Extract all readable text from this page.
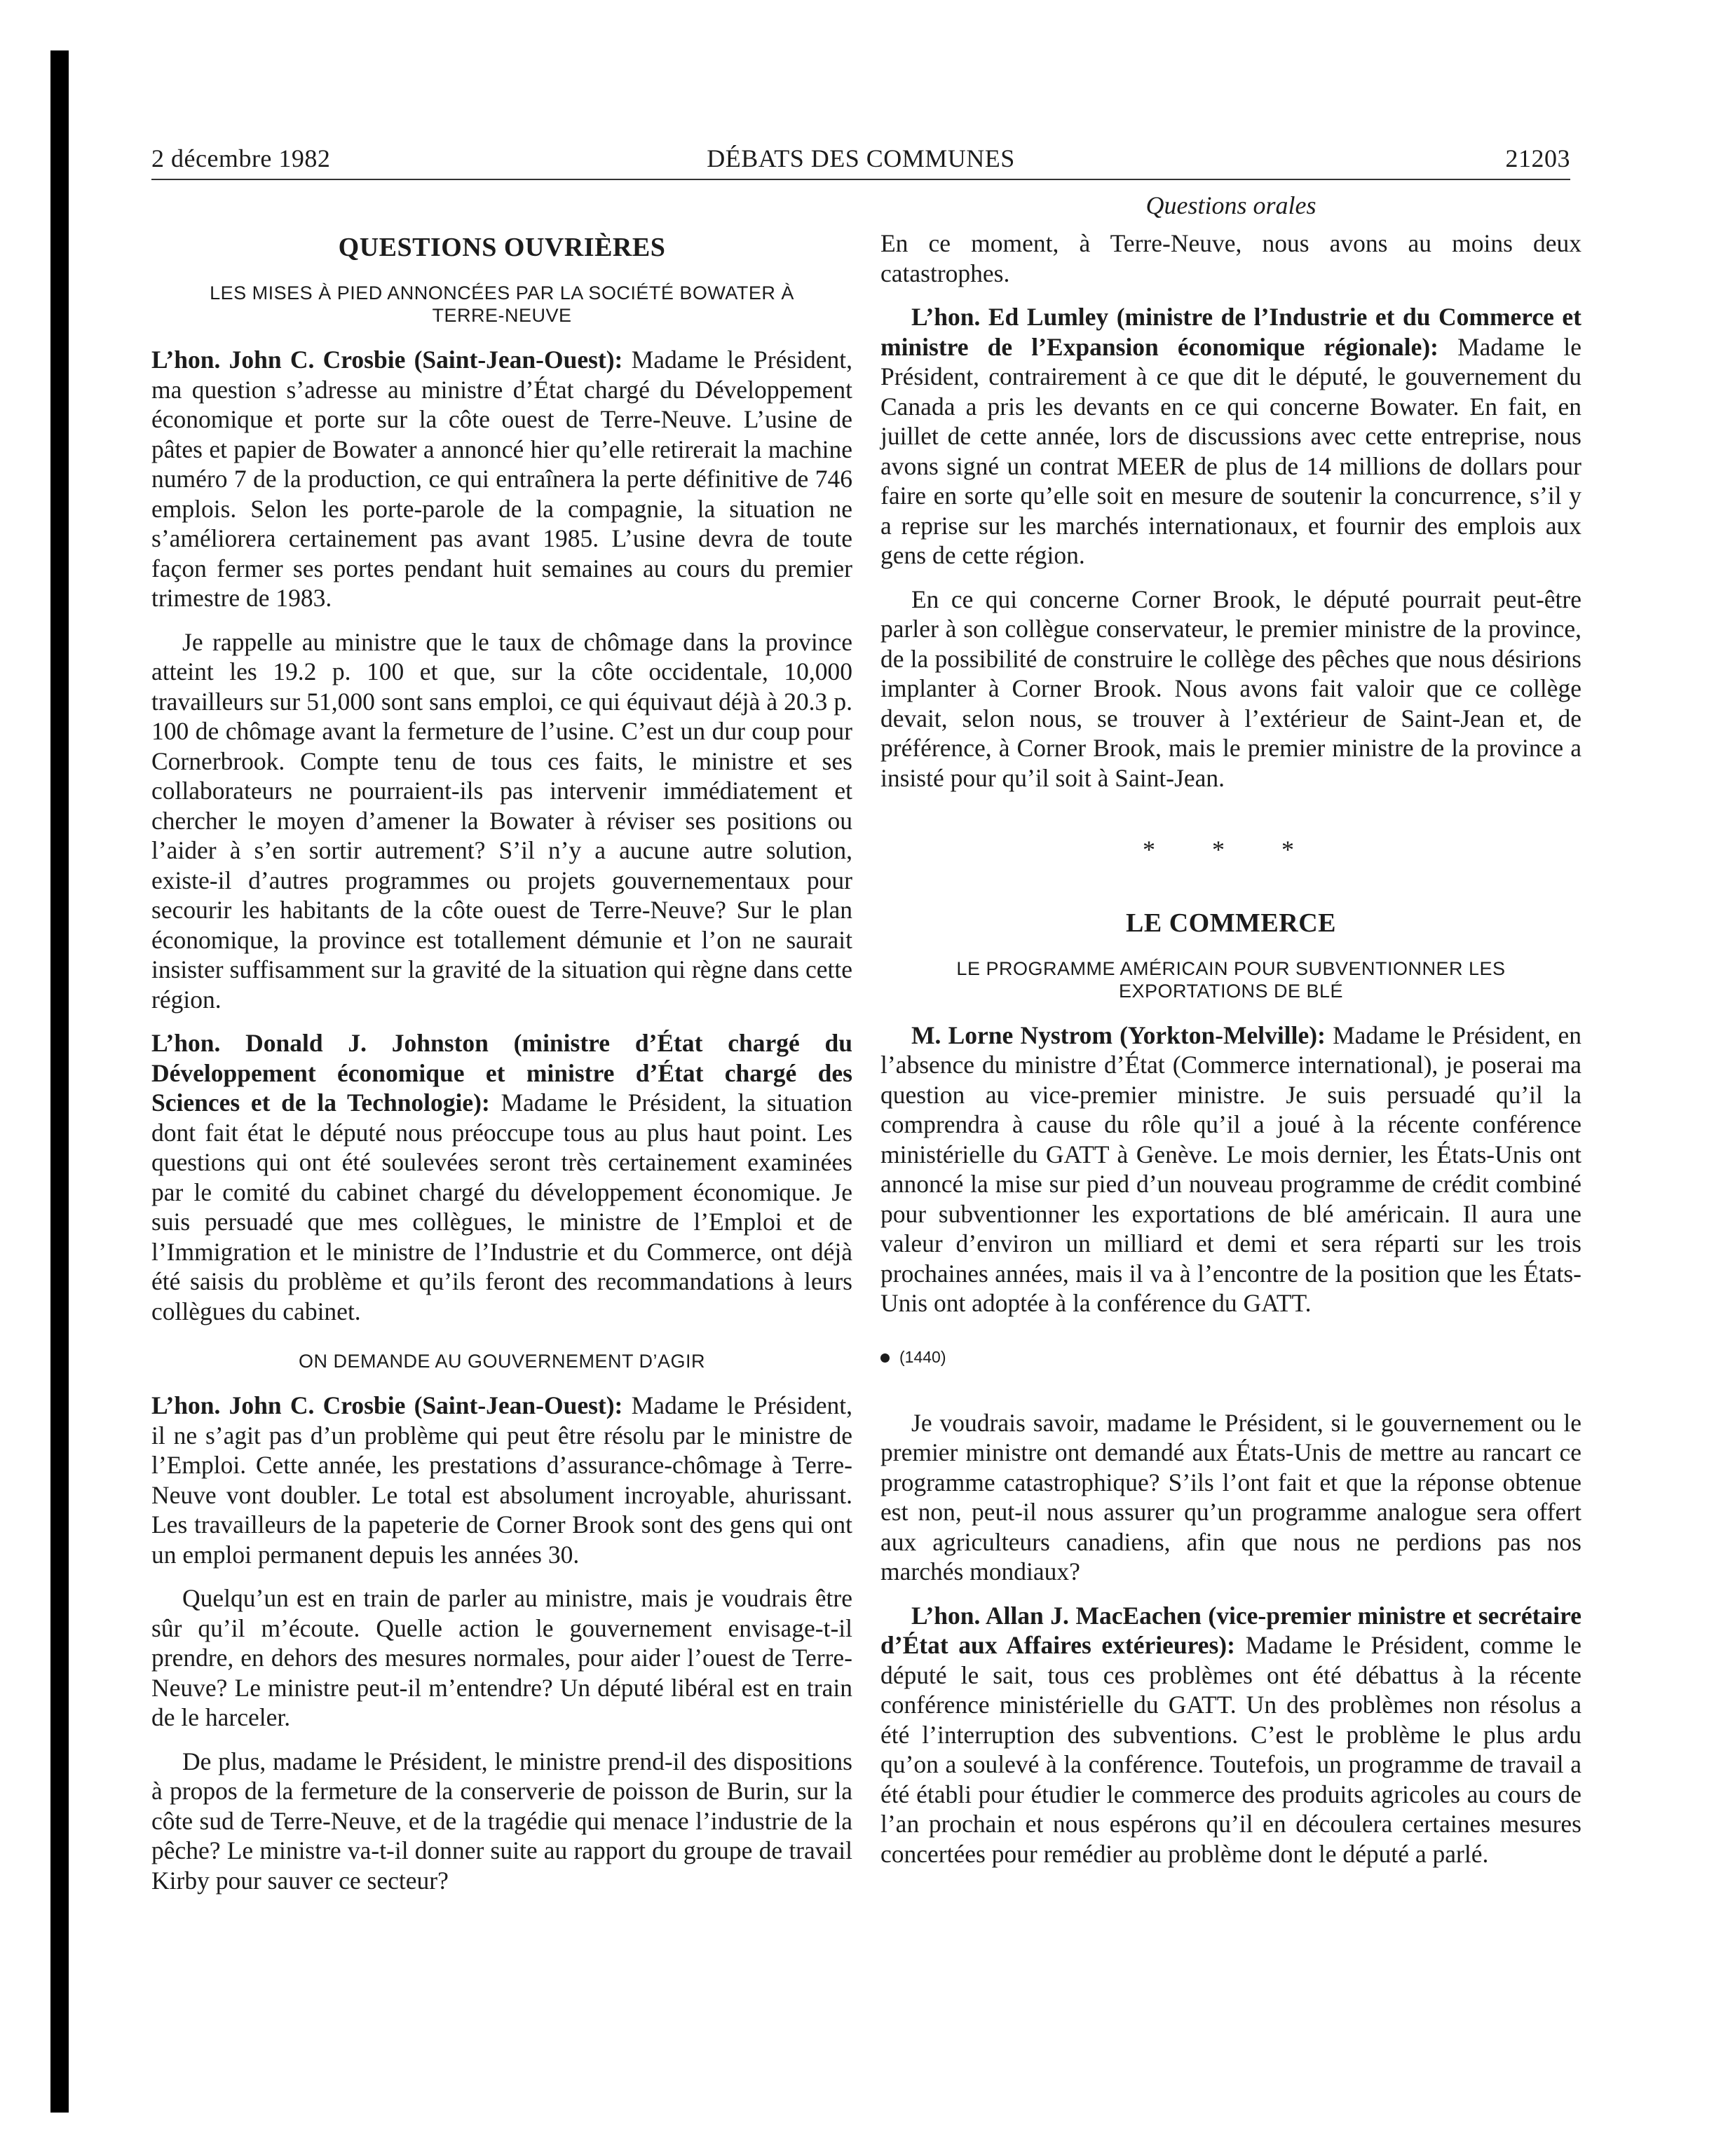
2 décembre 1982	DÉBATS DES COMMUNES	21203
QUESTIONS OUVRIÈRES
LES MISES À PIED ANNONCÉES PAR LA SOCIÉTÉ BOWATER À TERRE-NEUVE

L’hon. John C. Crosbie (Saint-Jean-Ouest): Madame le Président, ma question s’adresse au ministre d’État chargé du Développement économique et porte sur la côte ouest de Terre-Neuve. L’usine de pâtes et papier de Bowater a annoncé hier qu’elle retirerait la machine numéro 7 de la production, ce qui entraînera la perte définitive de 746 emplois. Selon les porte-parole de la compagnie, la situation ne s’améliorera certainement pas avant 1985. L’usine devra de toute façon fermer ses portes pendant huit semaines au cours du premier trimestre de 1983.

Je rappelle au ministre que le taux de chômage dans la province atteint les 19.2 p. 100 et que, sur la côte occidentale, 10,000 travailleurs sur 51,000 sont sans emploi, ce qui équivaut déjà à 20.3 p. 100 de chômage avant la fermeture de l’usine. C’est un dur coup pour Cornerbrook. Compte tenu de tous ces faits, le ministre et ses collaborateurs ne pourraient-ils pas intervenir immédiatement et chercher le moyen d’amener la Bowater à réviser ses positions ou l’aider à s’en sortir autrement? S’il n’y a aucune autre solution, existe-il d’autres programmes ou projets gouvernementaux pour secourir les habitants de la côte ouest de Terre-Neuve? Sur le plan économique, la province est totallement démunie et l’on ne saurait insister suffisamment sur la gravité de la situation qui règne dans cette région.

L’hon. Donald J. Johnston (ministre d’État chargé du Développement économique et ministre d’État chargé des Sciences et de la Technologie): Madame le Président, la situation dont fait état le député nous préoccupe tous au plus haut point. Les questions qui ont été soulevées seront très certainement examinées par le comité du cabinet chargé du développement économique. Je suis persuadé que mes collègues, le ministre de l’Emploi et de l’Immigration et le ministre de l’Industrie et du Commerce, ont déjà été saisis du problème et qu’ils feront des recommandations à leurs collègues du cabinet.

ON DEMANDE AU GOUVERNEMENT D’AGIR

L’hon. John C. Crosbie (Saint-Jean-Ouest): Madame le Président, il ne s’agit pas d’un problème qui peut être résolu par le ministre de l’Emploi. Cette année, les prestations d’assurance-chômage à Terre-Neuve vont doubler. Le total est absolument incroyable, ahurissant. Les travailleurs de la papeterie de Corner Brook sont des gens qui ont un emploi permanent depuis les années 30.

Quelqu’un est en train de parler au ministre, mais je voudrais être sûr qu’il m’écoute. Quelle action le gouvernement envisage-t-il prendre, en dehors des mesures normales, pour aider l’ouest de Terre-Neuve? Le ministre peut-il m’entendre? Un député libéral est en train de le harceler.

De plus, madame le Président, le ministre prend-il des dispositions à propos de la fermeture de la conserverie de poisson de Burin, sur la côte sud de Terre-Neuve, et de la tragédie qui menace l’industrie de la pêche? Le ministre va-t-il donner suite au rapport du groupe de travail Kirby pour sauver ce secteur?

Questions orales

En ce moment, à Terre-Neuve, nous avons au moins deux catastrophes.

L’hon. Ed Lumley (ministre de l’Industrie et du Commerce et ministre de l’Expansion économique régionale): Madame le Président, contrairement à ce que dit le député, le gouvernement du Canada a pris les devants en ce qui concerne Bowater. En fait, en juillet de cette année, lors de discussions avec cette entreprise, nous avons signé un contrat MEER de plus de 14 millions de dollars pour faire en sorte qu’elle soit en mesure de soutenir la concurrence, s’il y a reprise sur les marchés internationaux, et fournir des emplois aux gens de cette région.

En ce qui concerne Corner Brook, le député pourrait peut-être parler à son collègue conservateur, le premier ministre de la province, de la possibilité de construire le collège des pêches que nous désirions implanter à Corner Brook. Nous avons fait valoir que ce collège devait, selon nous, se trouver à l’extérieur de Saint-Jean et, de préférence, à Corner Brook, mais le premier ministre de la province a insisté pour qu’il soit à Saint-Jean.

* * *
LE COMMERCE
LE PROGRAMME AMÉRICAIN POUR SUBVENTIONNER LES EXPORTATIONS DE BLÉ

M. Lorne Nystrom (Yorkton-Melville): Madame le Président, en l’absence du ministre d’État (Commerce international), je poserai ma question au vice-premier ministre. Je suis persuadé qu’il la comprendra à cause du rôle qu’il a joué à la récente conférence ministérielle du GATT à Genève. Le mois dernier, les États-Unis ont annoncé la mise sur pied d’un nouveau programme de crédit combiné pour subventionner les exportations de blé américain. Il aura une valeur d’environ un milliard et demi et sera réparti sur les trois prochaines années, mais il va à l’encontre de la position que les États-Unis ont adoptée à la conférence du GATT.

(1440)

Je voudrais savoir, madame le Président, si le gouvernement ou le premier ministre ont demandé aux États-Unis de mettre au rancart ce programme catastrophique? S’ils l’ont fait et que la réponse obtenue est non, peut-il nous assurer qu’un programme analogue sera offert aux agriculteurs canadiens, afin que nous ne perdions pas nos marchés mondiaux?

L’hon. Allan J. MacEachen (vice-premier ministre et secrétaire d’État aux Affaires extérieures): Madame le Président, comme le député le sait, tous ces problèmes ont été débattus à la récente conférence ministérielle du GATT. Un des problèmes non résolus a été l’interruption des subventions. C’est le problème le plus ardu qu’on a soulevé à la conférence. Toutefois, un programme de travail a été établi pour étudier le commerce des produits agricoles au cours de l’an prochain et nous espérons qu’il en découlera certaines mesures concertées pour remédier au problème dont le député a parlé.
